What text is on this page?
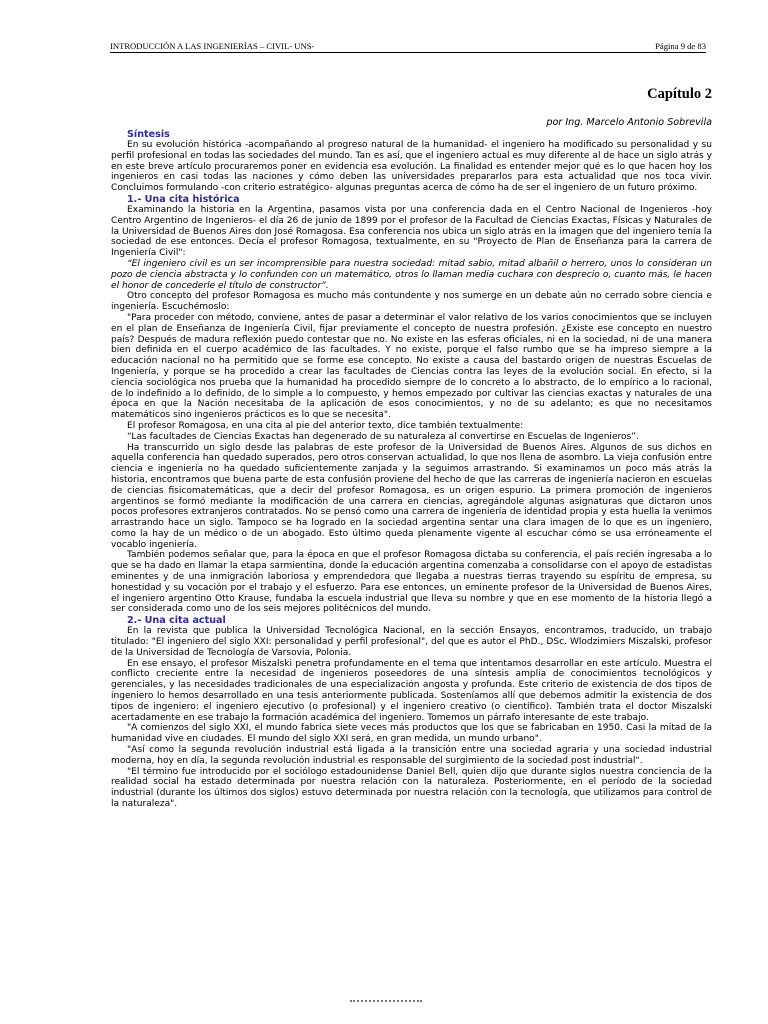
INTRODUCCIÓN A LAS INGENIERÍAS – CIVIL- UNS-	Página 9 de 83
Capítulo 2
por Ing. Marcelo Antonio Sobrevila
Síntesis

En su evolución histórica -acompañando al progreso natural de la humanidad- el ingeniero ha modificado su personalidad y su perfil profesional en todas las sociedades del mundo. Tan es así, que el ingeniero actual es muy diferente al de hace un siglo atrás y en este breve artículo procuraremos poner en evidencia esa evolución. La finalidad es entender mejor qué es lo que hacen hoy los ingenieros en casi todas las naciones y cómo deben las universidades prepararlos para esta actualidad que nos toca vivir. Concluimos formulando -con criterio estratégico- algunas preguntas acerca de cómo ha de ser el ingeniero de un futuro próximo.

1.- Una cita histórica

Examinando la historia en la Argentina, pasamos vista por una conferencia dada en el Centro Nacional de Ingenieros -hoy Centro Argentino de Ingenieros- el día 26 de junio de 1899 por el profesor de la Facultad de Ciencias Exactas, Físicas y Naturales de la Universidad de Buenos Aires don José Romagosa. Esa conferencia nos ubica un siglo atrás en la imagen que del ingeniero tenía la sociedad de ese entonces. Decía el profesor Romagosa, textualmente, en su "Proyecto de Plan de Enseñanza para la carrera de Ingeniería Civil":

“El ingeniero civil es un ser incomprensible para nuestra sociedad: mitad sabio, mitad albañil o herrero, unos lo consideran un pozo de ciencia abstracta y lo confunden con un matemático, otros lo llaman media cuchara con desprecio o, cuanto más, le hacen el honor de concederle el título de constructor”.

Otro concepto del profesor Romagosa es mucho más contundente y nos sumerge en un debate aún no cerrado sobre ciencia e ingeniería. Escuchémoslo:

"Para proceder con método, conviene, antes de pasar a determinar el valor relativo de los varios conocimientos que se incluyen en el plan de Enseñanza de Ingeniería Civil, fijar previamente el concepto de nuestra profesión. ¿Existe ese concepto en nuestro país? Después de madura reflexión puedo contestar que no. No existe en las esferas oficiales, ni en la sociedad, ni de una manera bien definida en el cuerpo académico de las facultades. Y no existe, porque el falso rumbo que se ha impreso siempre a la educación nacional no ha permitido que se forme ese concepto. No existe a causa del bastardo origen de nuestras Escuelas de Ingeniería, y porque se ha procedido a crear las facultades de Ciencias contra las leyes de la evolución social. En efecto, si la ciencia sociológica nos prueba que la humanidad ha procedido siempre de lo concreto a lo abstracto, de lo empírico a lo racional, de lo indefinido a lo definido, de lo simple a lo compuesto, y hemos empezado por cultivar las ciencias exactas y naturales de una época en que la Nación necesitaba de la aplicación de esos conocimientos, y no de su adelanto; es que no necesitamos matemáticos sino ingenieros prácticos es lo que se necesita".

El profesor Romagosa, en una cita al pie del anterior texto, dice también textualmente:

“Las facultades de Ciencias Exactas han degenerado de su naturaleza al convertirse en Escuelas de Ingenieros”.

Ha transcurrido un siglo desde las palabras de este profesor de la Universidad de Buenos Aires. Algunos de sus dichos en aquella conferencia han quedado superados, pero otros conservan actualidad, lo que nos llena de asombro. La vieja confusión entre ciencia e ingeniería no ha quedado suficientemente zanjada y la seguimos arrastrando. Si examinamos un poco más atrás la historia, encontramos que buena parte de esta confusión proviene del hecho de que las carreras de ingeniería nacieron en escuelas de ciencias fisicomatemáticas, que a decir del profesor Romagosa, es un origen espurio. La primera promoción de ingenieros argentinos se formó mediante la modificación de una carrera en ciencias, agregándole algunas asignaturas que dictaron unos pocos profesores extranjeros contratados. No se pensó como una carrera de ingeniería de identidad propia y esta huella la venimos arrastrando hace un siglo. Tampoco se ha logrado en la sociedad argentina sentar una clara imagen de lo que es un ingeniero, como la hay de un médico o de un abogado. Esto último queda plenamente vigente al escuchar cómo se usa erróneamente el vocablo ingeniería.

También podemos señalar que, para la época en que el profesor Romagosa dictaba su conferencia, el país recién ingresaba a lo que se ha dado en llamar la etapa sarmientina, donde la educación argentina comenzaba a consolidarse con el apoyo de estadistas eminentes y de una inmigración laboriosa y emprendedora que llegaba a nuestras tierras trayendo su espíritu de empresa, su honestidad y su vocación por el trabajo y el esfuerzo. Para ese entonces, un eminente profesor de la Universidad de Buenos Aires, el ingeniero argentino Otto Krause, fundaba la escuela industrial que lleva su nombre y que en ese momento de la historia llegó a ser considerada como uno de los seis mejores politécnicos del mundo.

2.- Una cita actual

En la revista que publica la Universidad Tecnológica Nacional, en la sección Ensayos, encontramos, traducido, un trabajo titulado: "El ingeniero del siglo XXI: personalidad y perfil profesional", del que es autor el PhD., DSc. Wlodzimiers Miszalski, profesor de la Universidad de Tecnología de Varsovia, Polonia.

En ese ensayo, el profesor Miszalski penetra profundamente en el tema que intentamos desarrollar en este artículo. Muestra el conflicto creciente entre la necesidad de ingenieros poseedores de una síntesis amplia de conocimientos tecnológicos y gerenciales, y las necesidades tradicionales de una especialización angosta y profunda. Este criterio de existencia de dos tipos de ingeniero lo hemos desarrollado en una tesis anteriormente publicada. Sosteníamos allí que debemos admitir la existencia de dos tipos de ingeniero: el ingeniero ejecutivo (o profesional) y el ingeniero creativo (o científico). También trata el doctor Miszalski acertadamente en ese trabajo la formación académica del ingeniero. Tomemos un párrafo interesante de este trabajo.

"A comienzos del siglo XXI, el mundo fabrica siete veces más productos que los que se fabricaban en 1950. Casi la mitad de la humanidad vive en ciudades. El mundo del siglo XXI será, en gran medida, un mundo urbano".

"Así como la segunda revolución industrial está ligada a la transición entre una sociedad agraria y una sociedad industrial moderna, hoy en día, la segunda revolución industrial es responsable del surgimiento de la sociedad post industrial".

"El término fue introducido por el sociólogo estadounidense Daniel Bell, quien dijo que durante siglos nuestra conciencia de la realidad social ha estado determinada por nuestra relación con la naturaleza. Posteriormente, en el período de la sociedad industrial (durante los últimos dos siglos) estuvo determinada por nuestra relación con la tecnología, que utilizamos para control de la naturaleza".
